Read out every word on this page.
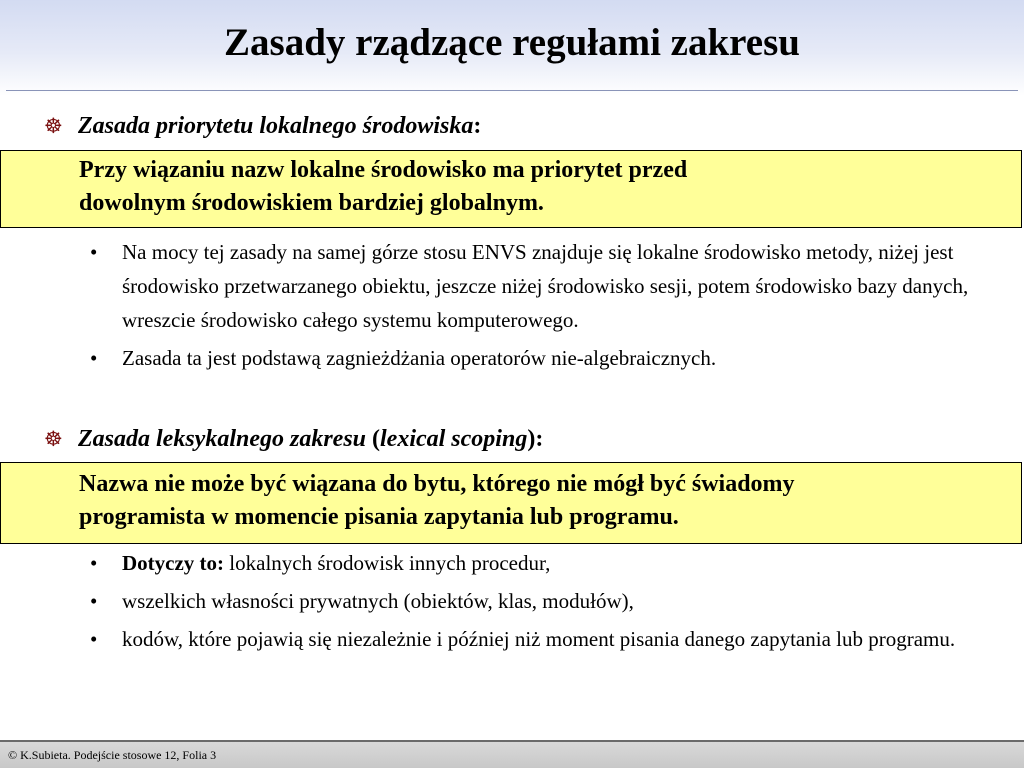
Zasady rządzące regułami zakresu
☸ Zasada priorytetu lokalnego środowiska:
Przy wiązaniu nazw lokalne środowisko ma priorytet przed
dowolnym środowiskiem bardziej globalnym.
• Na mocy tej zasady na samej górze stosu ENVS znajduje się lokalne środowisko metody, niżej jest środowisko przetwarzanego obiektu, jeszcze niżej środowisko sesji, potem środowisko bazy danych, wreszcie środowisko całego systemu komputerowego.
• Zasada ta jest podstawą zagnieżdżania operatorów nie-algebraicznych.
☸ Zasada leksykalnego zakresu (lexical scoping):
Nazwa nie może być wiązana do bytu, którego nie mógł być świadomy
programista w momencie pisania zapytania lub programu.
• Dotyczy to: lokalnych środowisk innych procedur,
• wszelkich własności prywatnych (obiektów, klas, modułów),
• kodów, które pojawią się niezależnie i później niż moment pisania danego zapytania lub programu.
© K.Subieta. Podejście stosowe 12, Folia 3
